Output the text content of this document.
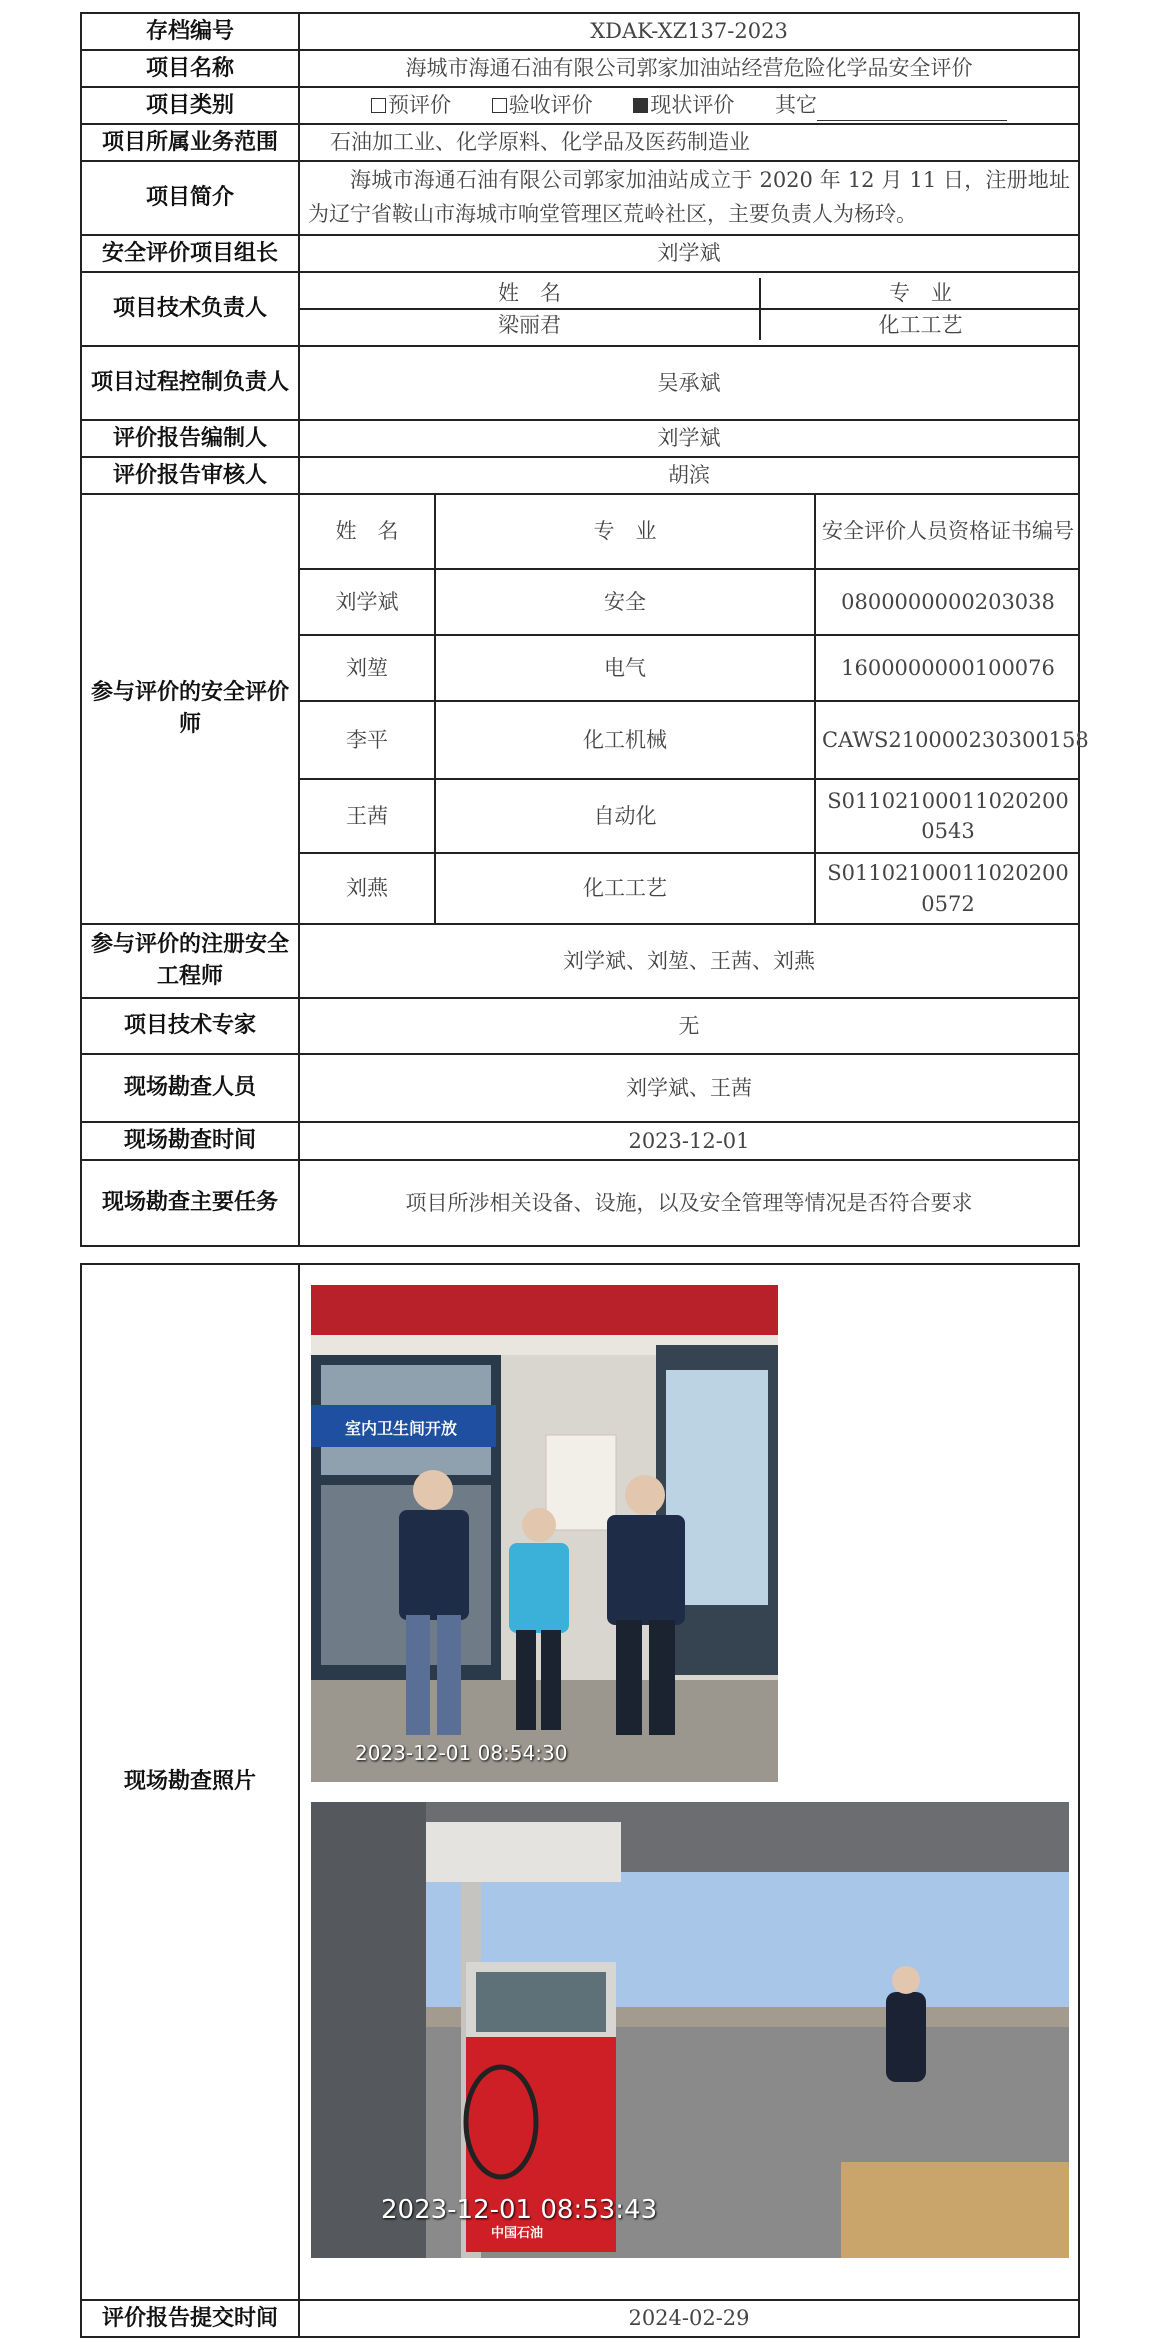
存档编号	XDAK-XZ137-2023
项目名称	海城市海通石油有限公司郭家加油站经营危险化学品安全评价
项目类别	预评价	验收评价	现状评价 其它
项目所属业务范围	石油加工业、化学原料、化学品及医药制造业
项目简介	海城市海通石油有限公司郭家加油站成立于 2020 年 12 月 11 日，注册地址为辽宁省鞍山市海城市响堂管理区荒岭社区，主要负责人为杨玲。
安全评价项目组长	刘学斌
项目技术负责人	
姓　名	专　业
梁丽君	化工工艺

项目过程控制负责人	吴承斌
评价报告编制人	刘学斌
评价报告审核人	胡滨
参与评价的安全评价师	
姓　名	专　业	安全评价人员资格证书编号
刘学斌	安全	0800000000203038
刘堃	电气	1600000000100076
李平	化工机械	CAWS210000230300158
王茜	自动化	S011021000110202000543
刘燕	化工工艺	S011021000110202000572

参与评价的注册安全工程师	刘学斌、刘堃、王茜、刘燕
项目技术专家	无
现场勘查人员	刘学斌、王茜
现场勘查时间	2023-12-01
现场勘查主要任务	项目所涉相关设备、设施，以及安全管理等情况是否符合要求
现场勘查照片	
评价报告提交时间	2024-02-29
室内卫生间开放
2023-12-01 08:54:30
中国石油
2023-12-01 08:53:43
